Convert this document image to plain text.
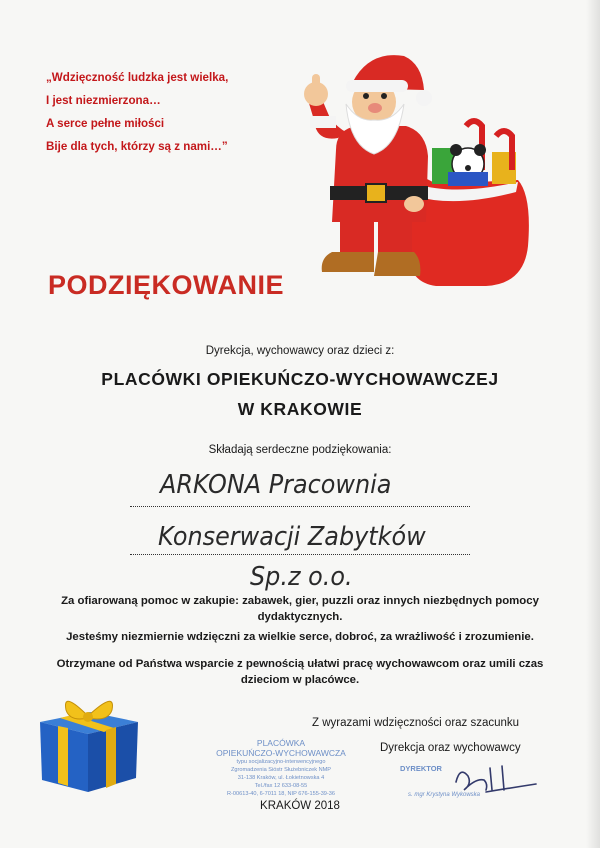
„Wdzięczność ludzka jest wielka,
I jest niezmierzona…
A serce pełne miłości
Bije dla tych, którzy są z nami…”
PODZIĘKOWANIE
Dyrekcja, wychowawcy oraz dzieci z:
PLACÓWKI OPIEKUŃCZO-WYCHOWAWCZEJ
W KRAKOWIE
Składają serdeczne podziękowania:
ARKONA Pracownia
Konserwacji Zabytków
Sp.z o.o.
Za ofiarowaną pomoc w zakupie: zabawek, gier, puzzli oraz innych niezbędnych pomocy dydaktycznych.
Jesteśmy niezmiernie wdzięczni za wielkie serce, dobroć, za wrażliwość i zrozumienie.
Otrzymane od Państwa wsparcie z pewnością ułatwi pracę wychowawcom oraz umili czas dzieciom w placówce.
Z wyrazami wdzięczności oraz szacunku
Dyrekcja oraz wychowawcy
PLACÓWKA
OPIEKUŃCZO-WYCHOWAWCZA
typu socjalizacyjno-interwencyjnego
Zgromadzenia Sióstr Służebniczek NMP
31-138 Kraków, ul. Łokietnowska 4
Tel./fax 12 633-08-55
R-00613-40, 6-7011 18, NIP 676-155-39-36
DYREKTOR
s. mgr Krystyna Wykowska
KRAKÓW 2018
